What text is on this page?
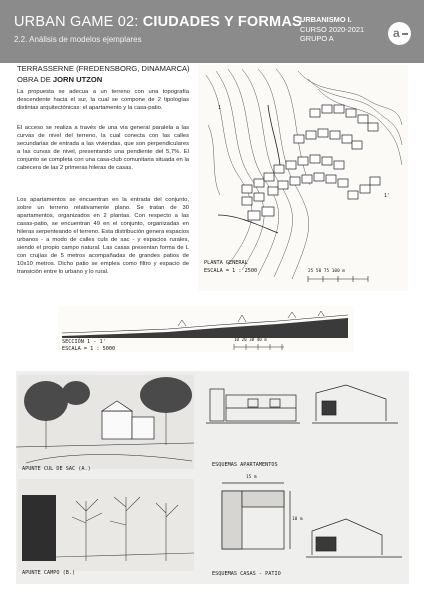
URBAN GAME 02: CIUDADES Y FORMAS
2.2. Análisis de modelos ejemplares
URBANISMO I.
CURSO 2020-2021
GRUPO A	a
TERRASSERNE (FREDENSBORG, DINAMARCA)
OBRA DE JORN UTZON
La propuesta se adecua a un terreno con una topografía descendente hacia el sur, la cual se compone de 2 tipologías distintas arquitectónicas: el apartamento y la casa-patio.
El acceso se realiza a través de una vía general paralela a las curvas de nivel del terreno, la cual conecta con las calles secundarias de entrada a las viviendas, que son perpendiculares a las curvas de nivel, presentando una pendiente del 5,7%. El conjunto se completa con una casa-club comunitaria situada en la cabecera de las 2 primeras hileras de casas.
Los apartamentos se encuentran en la entrada del conjunto, sobre un terreno relativamente plano. Se tratan de 30 apartamentos, organizados en 2 plantas. Con respecto a las casas-patio, se encuentran 49 en el conjunto, organizadas en hileras serpenteando el terreno. Esta distribución genera espacios urbanos - a modo de calles culs de sac - y espacios rurales, siendo el propio campo natural. Las casas presentan forma de L con crujías de 5 metros acompañadas de grandes patios de 10x10 metros. Dicho patio se emplea como filtro y espacio de transición entre lo urbano y lo rural.
1
1'
PLANTA GENERAL
ESCALA = 1 : 2500	25 50 75 100 m
SECCIÓN 1 - 1'
ESCALA = 1 : 5000
10 20 30 40 m
APUNTE CUL DE SAC (A.)
APUNTE CAMPO (B.)
ESQUEMAS APARTAMENTOS
ESQUEMAS CASAS - PATIO
15 m
10 m
